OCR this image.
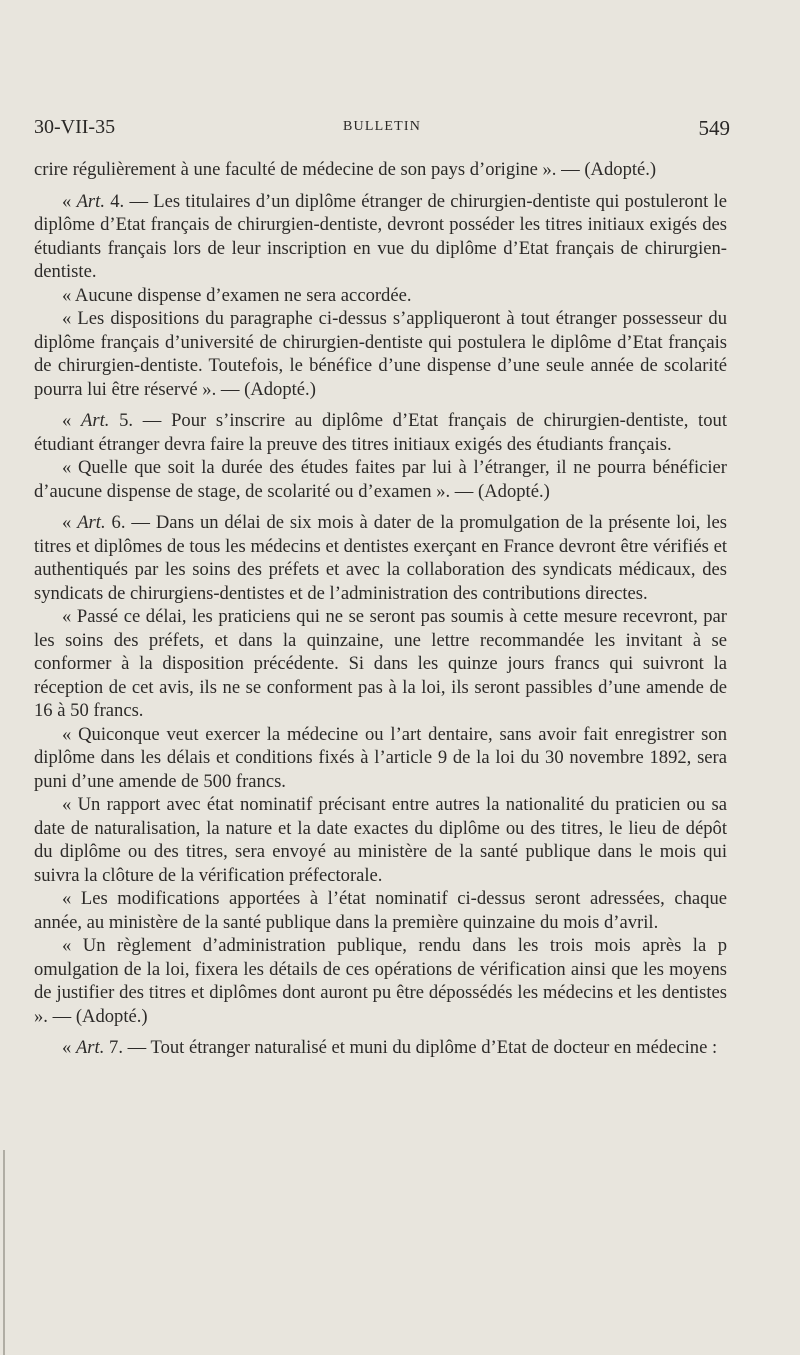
30-VII-35	BULLETIN	549

crire régulièrement à une faculté de médecine de son pays d’origine ». — (Adopté.)

« Art. 4. — Les titulaires d’un diplôme étranger de chirurgien-dentiste qui postuleront le diplôme d’Etat français de chirurgien-dentiste, devront posséder les titres initiaux exigés des étudiants français lors de leur inscription en vue du diplôme d’Etat français de chirurgien-dentiste.

« Aucune dispense d’examen ne sera accordée.

« Les dispositions du paragraphe ci-dessus s’appliqueront à tout étranger possesseur du diplôme français d’université de chirurgien-dentiste qui postulera le diplôme d’Etat français de chirurgien-dentiste. Toutefois, le bénéfice d’une dispense d’une seule année de scolarité pourra lui être réservé ». — (Adopté.)

« Art. 5. — Pour s’inscrire au diplôme d’Etat français de chirurgien-dentiste, tout étudiant étranger devra faire la preuve des titres initiaux exigés des étudiants français.

« Quelle que soit la durée des études faites par lui à l’étranger, il ne pourra bénéficier d’aucune dispense de stage, de scolarité ou d’examen ». — (Adopté.)

« Art. 6. — Dans un délai de six mois à dater de la promulgation de la présente loi, les titres et diplômes de tous les médecins et dentistes exerçant en France devront être vérifiés et authentiqués par les soins des préfets et avec la collaboration des syndicats médicaux, des syndicats de chirurgiens-dentistes et de l’administration des contributions directes.

« Passé ce délai, les praticiens qui ne se seront pas soumis à cette mesure recevront, par les soins des préfets, et dans la quinzaine, une lettre recommandée les invitant à se conformer à la disposition précédente. Si dans les quinze jours francs qui suivront la réception de cet avis, ils ne se conforment pas à la loi, ils seront passibles d’une amende de 16 à 50 francs.

« Quiconque veut exercer la médecine ou l’art dentaire, sans avoir fait enregistrer son diplôme dans les délais et conditions fixés à l’article 9 de la loi du 30 novembre 1892, sera puni d’une amende de 500 francs.

« Un rapport avec état nominatif précisant entre autres la nationalité du praticien ou sa date de naturalisation, la nature et la date exactes du diplôme ou des titres, le lieu de dépôt du diplôme ou des titres, sera envoyé au ministère de la santé publique dans le mois qui suivra la clôture de la vérification préfectorale.

« Les modifications apportées à l’état nominatif ci-dessus seront adressées, chaque année, au ministère de la santé publique dans la première quinzaine du mois d’avril.

« Un règlement d’administration publique, rendu dans les trois mois après la p omulgation de la loi, fixera les détails de ces opérations de vérification ainsi que les moyens de justifier des titres et diplômes dont auront pu être dépossédés les médecins et les dentistes ». — (Adopté.)

« Art. 7. — Tout étranger naturalisé et muni du diplôme d’Etat de docteur en médecine :
